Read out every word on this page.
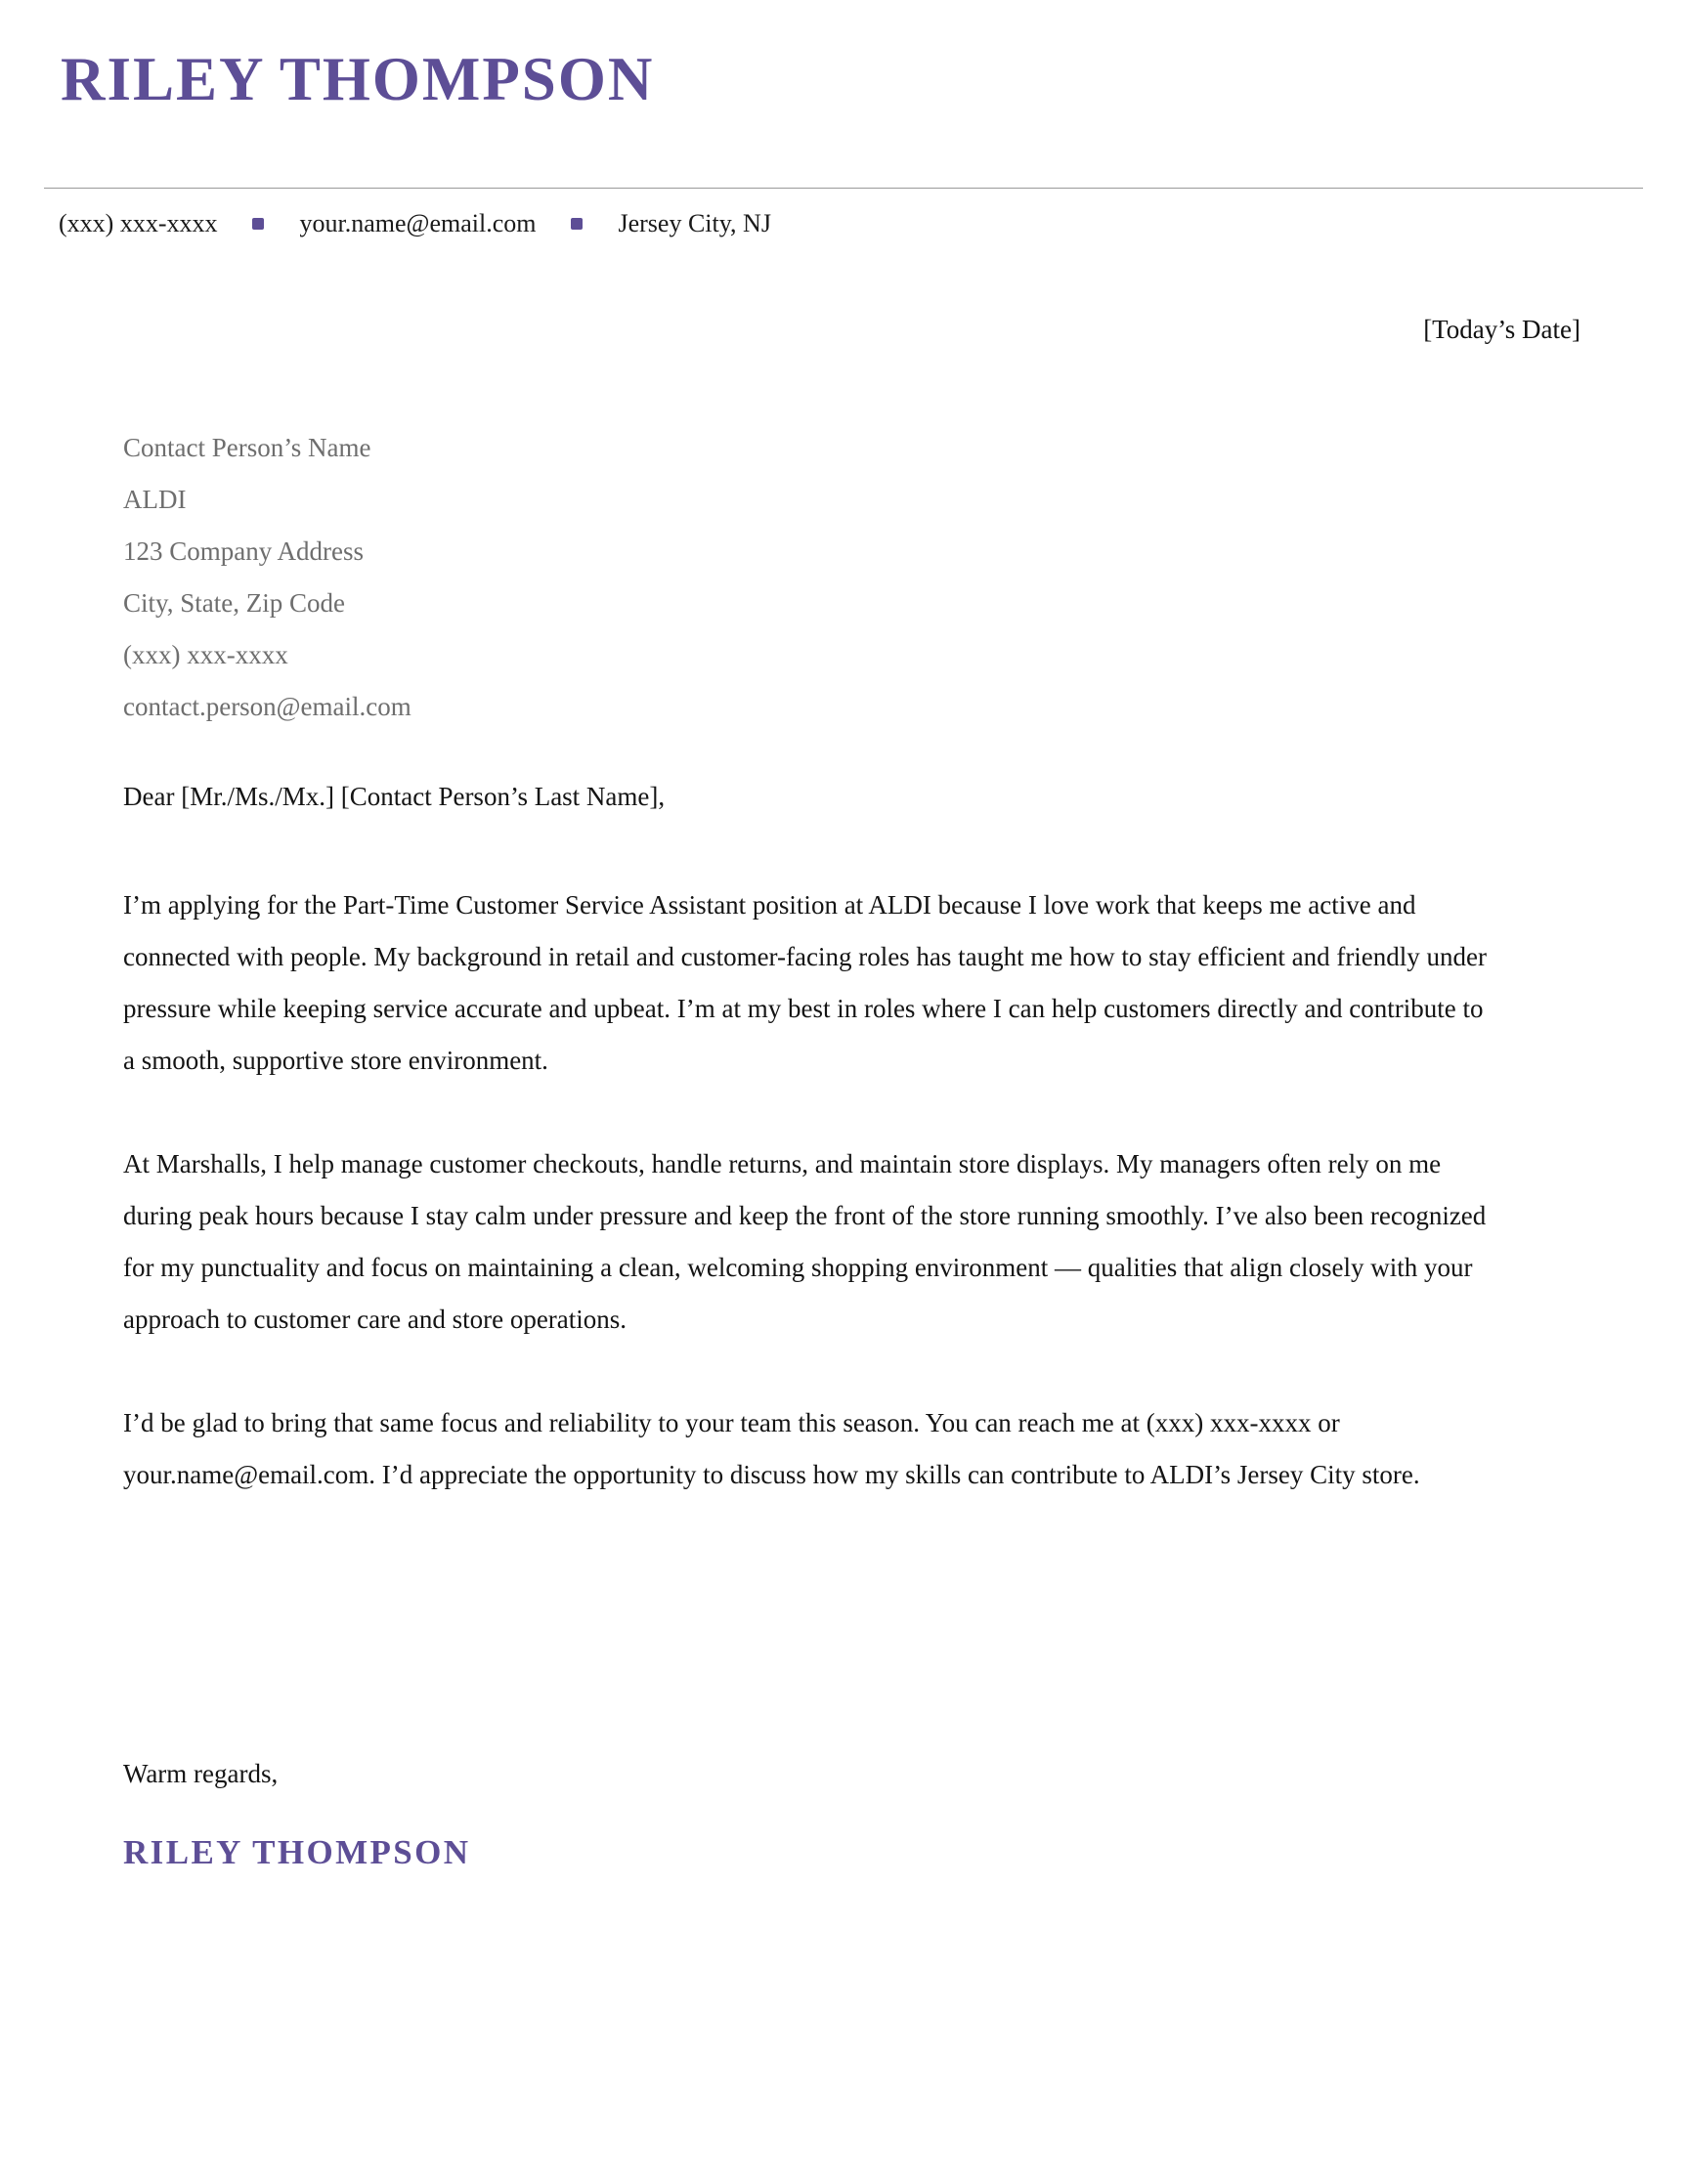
RILEY THOMPSON
(xxx) xxx-xxxx	your.name@email.com	Jersey City, NJ
[Today’s Date]
Contact Person’s Name
ALDI
123 Company Address
City, State, Zip Code
(xxx) xxx-xxxx
contact.person@email.com
Dear [Mr./Ms./Mx.] [Contact Person’s Last Name],

I’m applying for the Part-Time Customer Service Assistant position at ALDI because I love work that keeps me active and connected with people. My background in retail and customer-facing roles has taught me how to stay efficient and friendly under pressure while keeping service accurate and upbeat. I’m at my best in roles where I can help customers directly and contribute to a smooth, supportive store environment.

At Marshalls, I help manage customer checkouts, handle returns, and maintain store displays. My managers often rely on me during peak hours because I stay calm under pressure and keep the front of the store running smoothly. I’ve also been recognized for my punctuality and focus on maintaining a clean, welcoming shopping environment — qualities that align closely with your approach to customer care and store operations.

I’d be glad to bring that same focus and reliability to your team this season. You can reach me at (xxx) xxx-xxxx or your.name@email.com. I’d appreciate the opportunity to discuss how my skills can contribute to ALDI’s Jersey City store.

Warm regards,
RILEY THOMPSON
